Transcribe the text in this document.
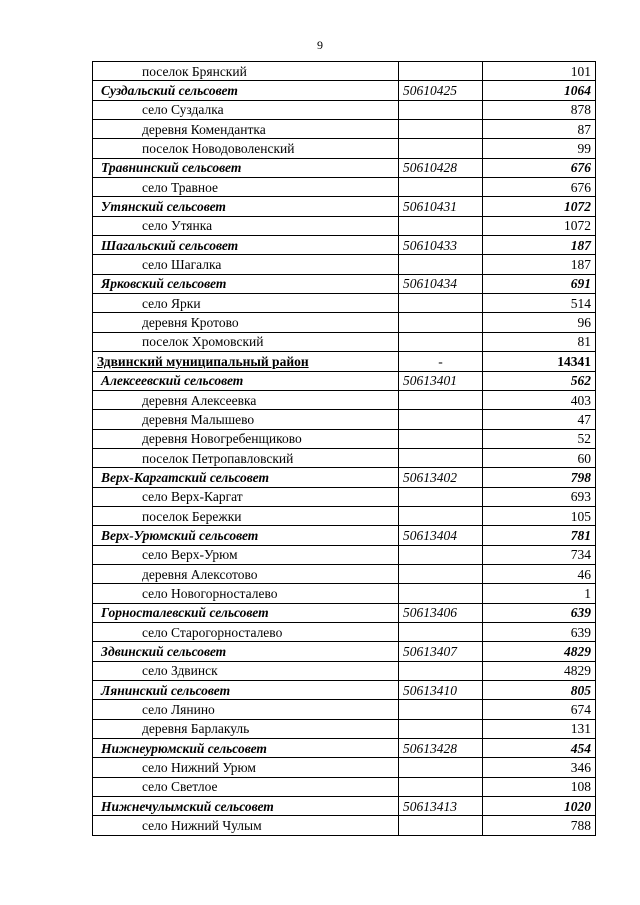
9
поселок Брянский		101
Суздальский сельсовет	50610425	1064
село Суздалка		878
деревня Комендантка		87
поселок Новодоволенский		99
Травнинский сельсовет	50610428	676
село Травное		676
Утянский сельсовет	50610431	1072
село Утянка		1072
Шагальский сельсовет	50610433	187
село Шагалка		187
Ярковский сельсовет	50610434	691
село Ярки		514
деревня Кротово		96
поселок Хромовский		81
Здвинский муниципальный район	-	14341
Алексеевский сельсовет	50613401	562
деревня Алексеевка		403
деревня Малышево		47
деревня Новогребенщиково		52
поселок Петропавловский		60
Верх-Каргатский сельсовет	50613402	798
село Верх-Каргат		693
поселок Бережки		105
Верх-Урюмский сельсовет	50613404	781
село Верх-Урюм		734
деревня Алексотово		46
село Новогорносталево		1
Горносталевский сельсовет	50613406	639
село Старогорносталево		639
Здвинский сельсовет	50613407	4829
село Здвинск		4829
Лянинский сельсовет	50613410	805
село Лянино		674
деревня Барлакуль		131
Нижнеурюмский сельсовет	50613428	454
село Нижний Урюм		346
село Светлое		108
Нижнечулымский сельсовет	50613413	1020
село Нижний Чулым		788
